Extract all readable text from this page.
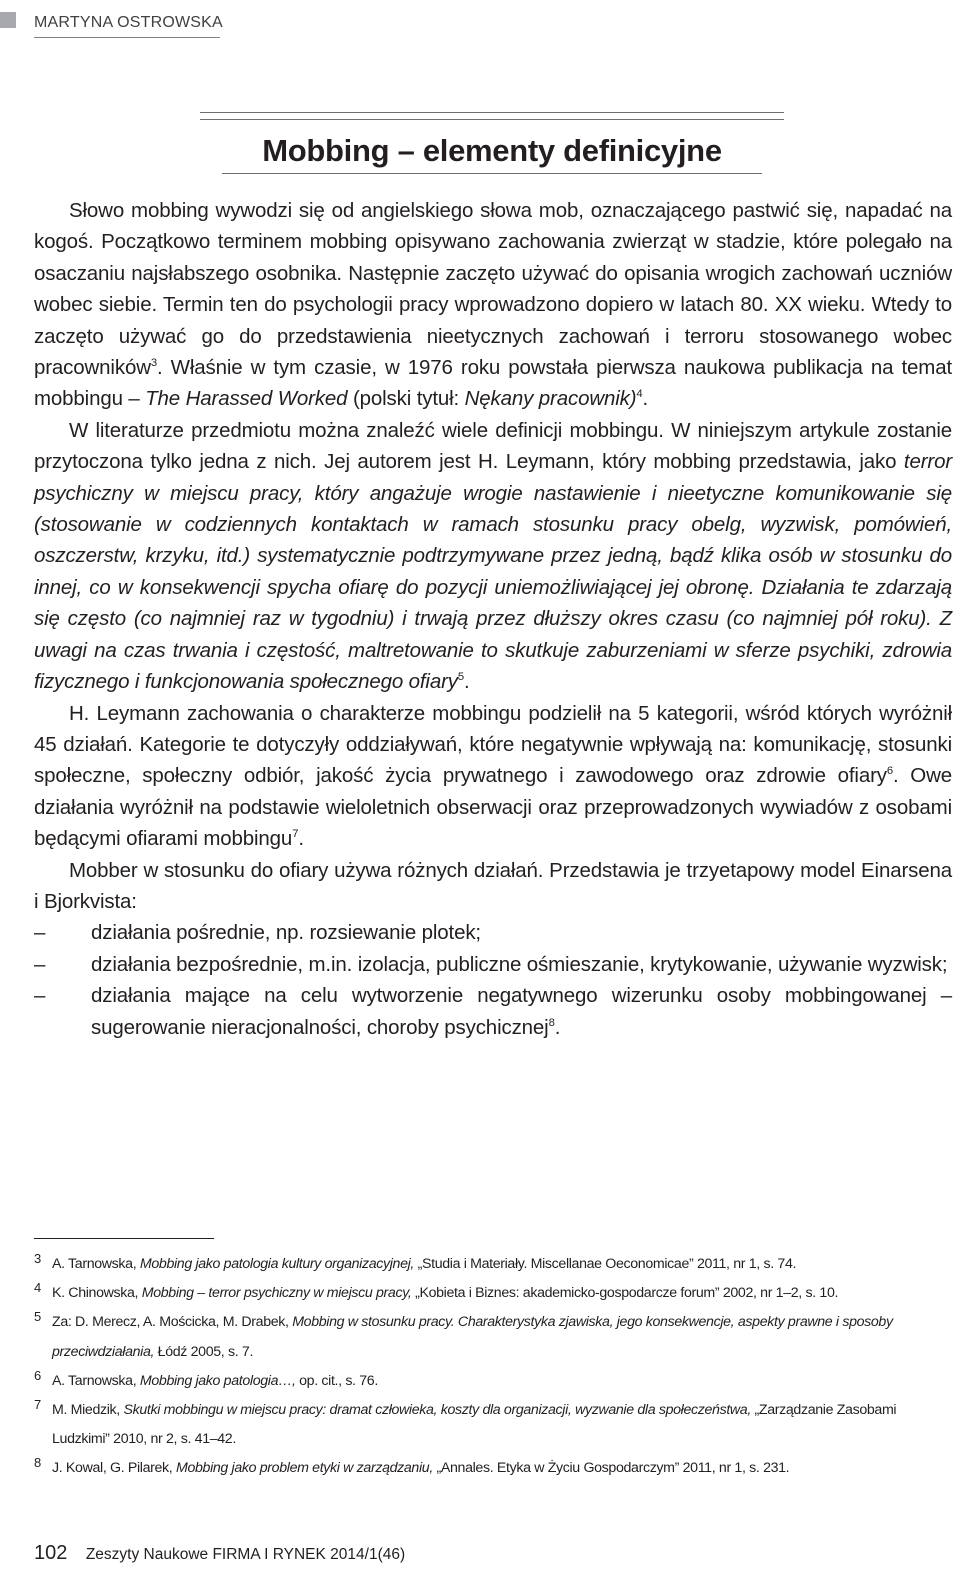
MARTYNA OSTROWSKA
Mobbing – elementy definicyjne

Słowo mobbing wywodzi się od angielskiego słowa mob, oznaczającego pastwić się, napadać na kogoś. Początkowo terminem mobbing opisywano zachowania zwierząt w stadzie, które polegało na osaczaniu najsłabszego osobnika. Następnie zaczęto używać do opisania wrogich zachowań uczniów wobec siebie. Termin ten do psychologii pracy wprowadzono dopiero w latach 80. XX wieku. Wtedy to zaczęto używać go do przedstawienia nieetycznych zachowań i terroru stosowanego wobec pracowników$^3$. Właśnie w tym czasie, w 1976 roku powstała pierwsza naukowa publikacja na temat mobbingu – The Harassed Worked (polski tytuł: Nękany pracownik)$^4$.

W literaturze przedmiotu można znaleźć wiele definicji mobbingu. W niniejszym artykule zostanie przytoczona tylko jedna z nich. Jej autorem jest H. Leymann, który mobbing przedstawia, jako terror psychiczny w miejscu pracy, który angażuje wrogie nastawienie i nieetyczne komunikowanie się (stosowanie w codziennych kontaktach w ramach stosunku pracy obelg, wyzwisk, pomówień, oszczerstw, krzyku, itd.) systematycznie podtrzymywane przez jedną, bądź klika osób w stosunku do innej, co w konsekwencji spycha ofiarę do pozycji uniemożliwiającej jej obronę. Działania te zdarzają się często (co najmniej raz w tygodniu) i trwają przez dłuższy okres czasu (co najmniej pół roku). Z uwagi na czas trwania i częstość, maltretowanie to skutkuje zaburzeniami w sferze psychiki, zdrowia fizycznego i funkcjonowania społecznego ofiary$^5$.

H. Leymann zachowania o charakterze mobbingu podzielił na 5 kategorii, wśród których wyróżnił 45 działań. Kategorie te dotyczyły oddziaływań, które negatywnie wpływają na: komunikację, stosunki społeczne, społeczny odbiór, jakość życia prywatnego i zawodowego oraz zdrowie ofiary$^6$. Owe działania wyróżnił na podstawie wieloletnich obserwacji oraz przeprowadzonych wywiadów z osobami będącymi ofiarami mobbingu$^7$.

Mobber w stosunku do ofiary używa różnych działań. Przedstawia je trzyetapowy model Einarsena i Bjorkvista:

– działania pośrednie, np. rozsiewanie plotek;
– działania bezpośrednie, m.in. izolacja, publiczne ośmieszanie, krytykowanie, używanie wyzwisk;
– działania mające na celu wytworzenie negatywnego wizerunku osoby mobbingowanej – sugerowanie nieracjonalności, choroby psychicznej$^8$.
3 A. Tarnowska, Mobbing jako patologia kultury organizacyjnej, „Studia i Materiały. Miscellanae Oeconomicae” 2011, nr 1, s. 74.
4 K. Chinowska, Mobbing – terror psychiczny w miejscu pracy, „Kobieta i Biznes: akademicko-gospodarcze forum” 2002, nr 1–2, s. 10.
5 Za: D. Merecz, A. Mościcka, M. Drabek, Mobbing w stosunku pracy. Charakterystyka zjawiska, jego konsekwencje, aspekty prawne i sposoby przeciwdziałania, Łódź 2005, s. 7.
6 A. Tarnowska, Mobbing jako patologia…, op. cit., s. 76.
7 M. Miedzik, Skutki mobbingu w miejscu pracy: dramat człowieka, koszty dla organizacji, wyzwanie dla społeczeństwa, „Zarządzanie Zasobami Ludzkimi” 2010, nr 2, s. 41–42.
8 J. Kowal, G. Pilarek, Mobbing jako problem etyki w zarządzaniu, „Annales. Etyka w Życiu Gospodarczym” 2011, nr 1, s. 231.
102 Zeszyty Naukowe FIRMA I RYNEK 2014/1(46)
